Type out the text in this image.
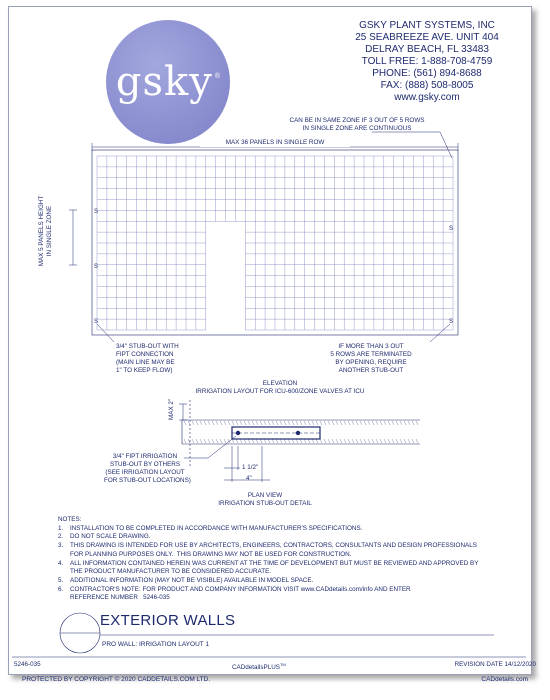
gsky ®
GSKY PLANT SYSTEMS, INC
25 SEABREEZE AVE. UNIT 404
DELRAY BEACH, FL 33483
TOLL FREE: 1-888-708-4759
PHONE: (561) 894-8688
FAX: (888) 508-8005
www.gsky.com
S
S
S
S
S
CAN BE IN SAME ZONE IF 3 OUT OF 5 ROWS
IN SINGLE ZONE ARE CONTINUOUS
MAX 36 PANELS IN SINGLE ROW
MAX 5 PANELS HEIGHT IN SINGLE ZONE
3/4" STUB-OUT WITH
FIPT CONNECTION
(MAIN LINE MAY BE
1" TO KEEP FLOW)
IF MORE THAN 3 OUT
5 ROWS ARE TERMINATED
BY OPENING, REQUIRE
ANOTHER STUB-OUT
ELEVATION
IRRIGATION LAYOUT FOR ICU-600/ZONE VALVES AT ICU
MAX 2"
3/4" FIPT IRRIGATION
STUB-OUT BY OTHERS
(SEE IRRIGATION LAYOUT
FOR STUB-OUT LOCATIONS)
1 1/2"
4"
PLAN VIEW
IRRIGATION STUB-OUT DETAIL
NOTES:
1.	INSTALLATION TO BE COMPLETED IN ACCORDANCE WITH MANUFACTURER'S SPECIFICATIONS.
2.	DO NOT SCALE DRAWING.
3.	THIS DRAWING IS INTENDED FOR USE BY ARCHITECTS, ENGINEERS, CONTRACTORS, CONSULTANTS AND DESIGN PROFESSIONALS
FOR PLANNING PURPOSES ONLY.  THIS DRAWING MAY NOT BE USED FOR CONSTRUCTION.
4.	ALL INFORMATION CONTAINED HEREIN WAS CURRENT AT THE TIME OF DEVELOPMENT BUT MUST BE REVIEWED AND APPROVED BY
THE PRODUCT MANUFACTURER TO BE CONSIDERED ACCURATE.
5.	ADDITIONAL INFORMATION (MAY NOT BE VISIBLE) AVAILABLE IN MODEL SPACE.
6.	CONTRACTOR'S NOTE: FOR PRODUCT AND COMPANY INFORMATION VISIT www.CADdetails.com/info AND ENTER
REFERENCE NUMBER   5246-035
EXTERIOR WALLS
PRO WALL: IRRIGATION LAYOUT 1
5246-035	CADdetailsPLUS™	REVISION DATE 14/12/2020
PROTECTED BY COPYRIGHT © 2020 CADDETAILS.COM LTD.	CADdetails.com
